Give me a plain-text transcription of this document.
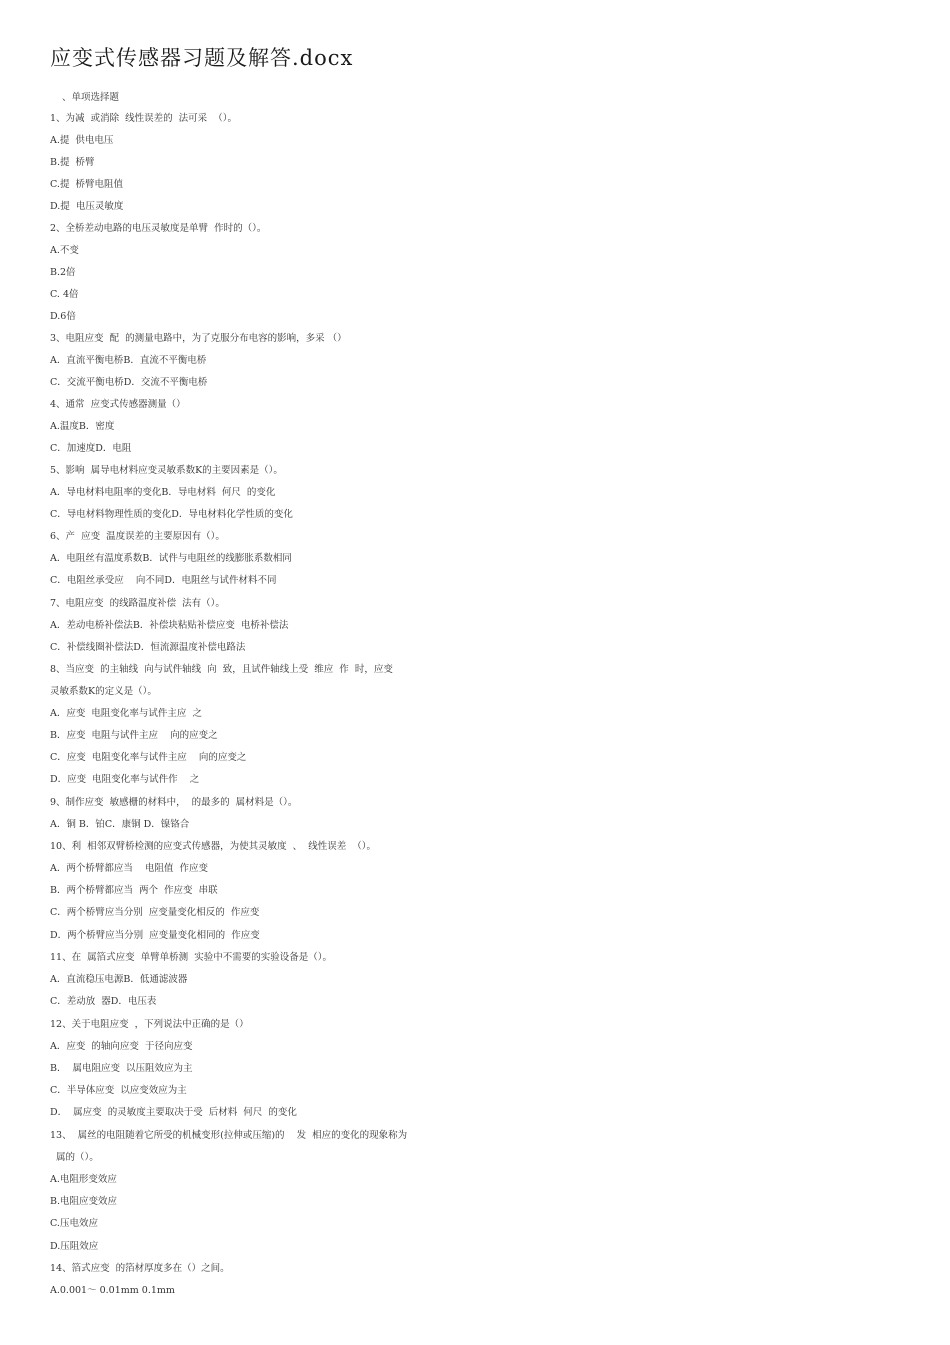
应变式传感器习题及解答.docx
、单项选择题
1、为减  或消除  线性误差的  法可采  （）。
A.提  供电电压
B.提  桥臂
C.提  桥臂电阻值
D.提  电压灵敏度
2、全桥差动电路的电压灵敏度是单臂  作时的（）。
A.不变
B.2倍
C. 4倍
D.6倍
3、电阻应变  配  的测量电路中，为了克服分布电容的影响，多采 （）
A．直流平衡电桥B．直流不平衡电桥
C．交流平衡电桥D．交流不平衡电桥
4、通常  应变式传感器测量（）
A.温度B．密度
C．加速度D．电阻
5、影响  属导电材料应变灵敏系数K的主要因素是（）。
A．导电材料电阻率的变化B．导电材料  何尺  的变化
C．导电材料物理性质的变化D．导电材料化学性质的变化
6、产  应变  温度误差的主要原因有（）。
A．电阻丝有温度系数B．试件与电阻丝的线膨胀系数相同
C．电阻丝承受应    向不同D．电阻丝与试件材料不同
7、电阻应变  的线路温度补偿  法有（）。
A．差动电桥补偿法B．补偿块粘贴补偿应变  电桥补偿法
C．补偿线圈补偿法D．恒流源温度补偿电路法
8、当应变  的主轴线  向与试件轴线  向  致，且试件轴线上受  维应  作  时，应变
灵敏系数K的定义是（）。
A．应变  电阻变化率与试件主应  之
B．应变  电阻与试件主应    向的应变之
C．应变  电阻变化率与试件主应    向的应变之
D．应变  电阻变化率与试件作    之
9、制作应变  敏感栅的材料中，  的最多的  属材料是（）。
A．铜 B．铂C．康铜 D．镍铬合
10、利  相邻双臂桥检测的应变式传感器，为使其灵敏度  、  线性误差  （）。
A．两个桥臂都应当    电阻值  作应变
B．两个桥臂都应当  两个  作应变  串联
C．两个桥臂应当分别  应变量变化相反的  作应变
D．两个桥臂应当分别  应变量变化相同的  作应变
11、在  属箔式应变  单臂单桥测  实验中不需要的实验设备是（）。
A．直流稳压电源B．低通滤波器
C．差动放  器D．电压表
12、关于电阻应变  ，下列说法中正确的是（）
A．应变  的轴向应变  于径向应变
B．  属电阻应变  以压阻效应为主
C．半导体应变  以应变效应为主
D．  属应变  的灵敏度主要取决于受  后材料  何尺  的变化
13、  属丝的电阻随着它所受的机械变形(拉伸或压缩)的    发  相应的变化的现象称为
属的（）。
A.电阻形变效应
B.电阻应变效应
C.压电效应
D.压阻效应
14、箔式应变  的箔材厚度多在（）之间。
A.0.001～ 0.01mm 0.1mm
